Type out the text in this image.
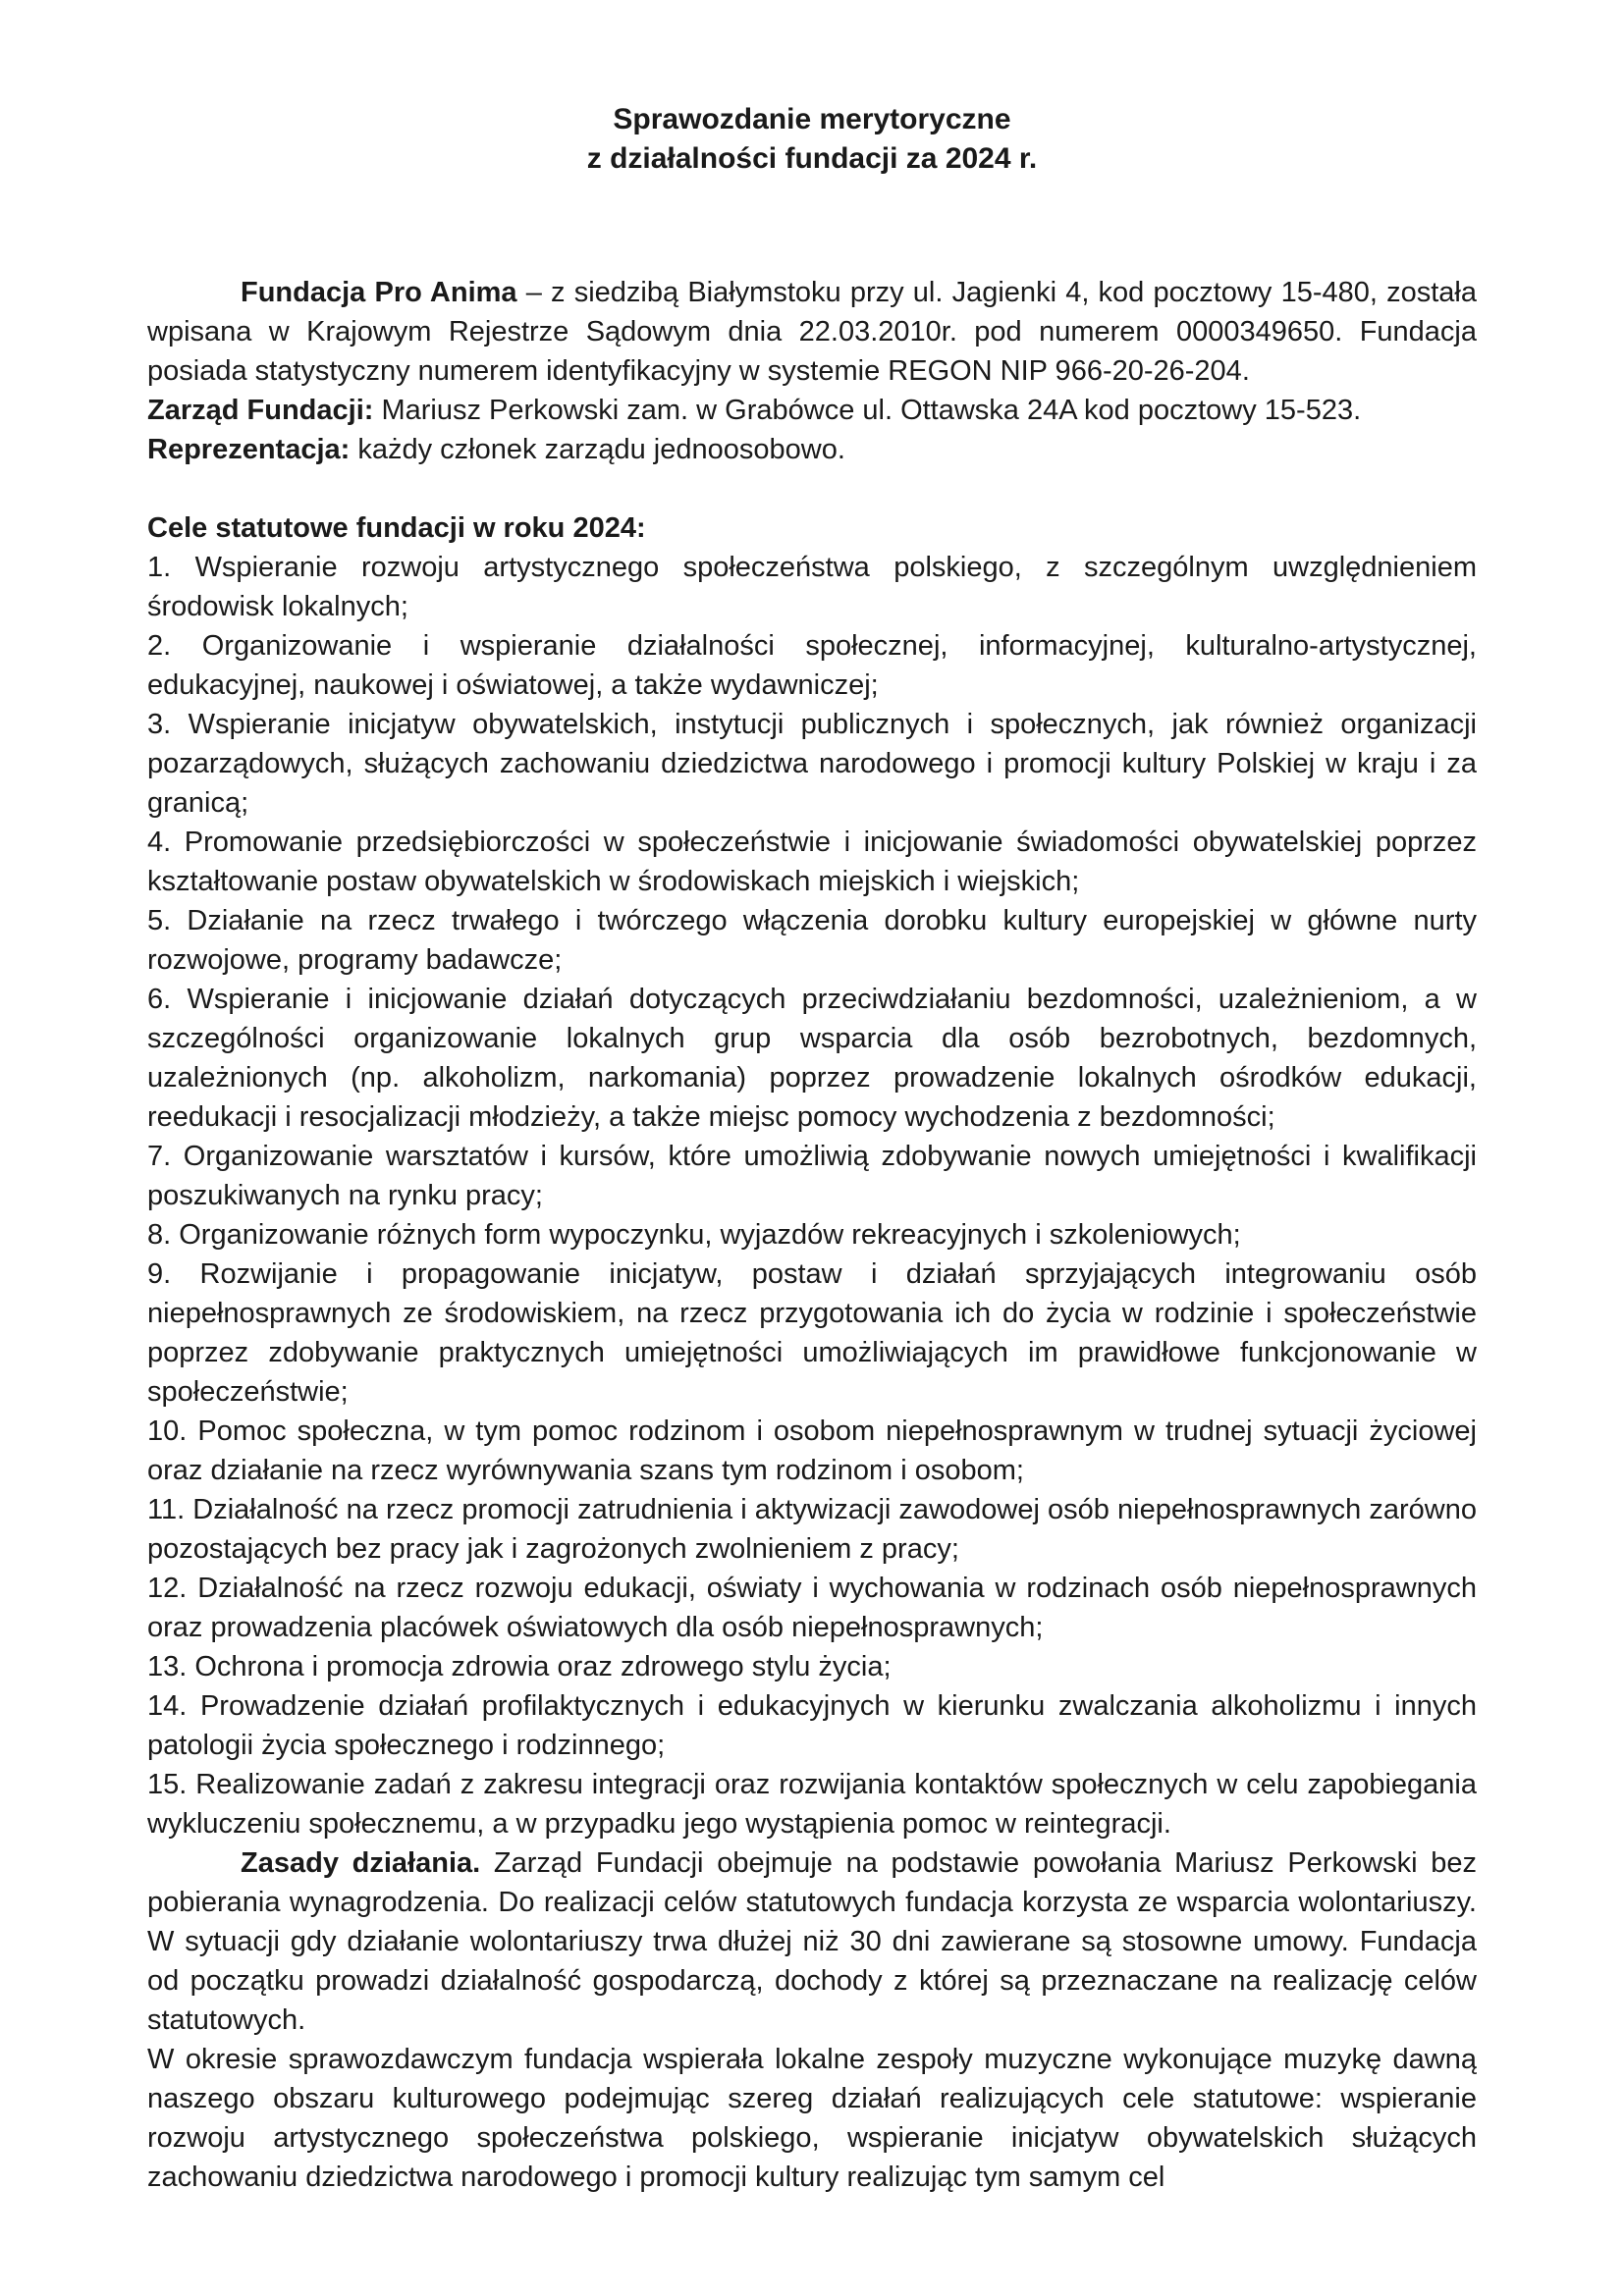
Sprawozdanie merytoryczne
z działalności fundacji za 2024 r.

Fundacja Pro Anima – z siedzibą Białymstoku przy ul. Jagienki 4, kod pocztowy 15-480, została wpisana w Krajowym Rejestrze Sądowym dnia 22.03.2010r. pod numerem 0000349650. Fundacja posiada statystyczny numerem identyfikacyjny w systemie REGON NIP 966-20-26-204.

Zarząd Fundacji: Mariusz Perkowski zam. w Grabówce ul. Ottawska 24A kod pocztowy 15-523.

Reprezentacja: każdy członek zarządu jednoosobowo.

Cele statutowe fundacji w roku 2024:

1. Wspieranie rozwoju artystycznego społeczeństwa polskiego, z szczególnym uwzględnieniem środowisk lokalnych;

2. Organizowanie i wspieranie działalności społecznej, informacyjnej, kulturalno-artystycznej, edukacyjnej, naukowej i oświatowej, a także wydawniczej;

3. Wspieranie inicjatyw obywatelskich, instytucji publicznych i społecznych, jak również organizacji pozarządowych, służących zachowaniu dziedzictwa narodowego i promocji kultury Polskiej w kraju i za granicą;

4. Promowanie przedsiębiorczości w społeczeństwie i inicjowanie świadomości obywatelskiej poprzez kształtowanie postaw obywatelskich w środowiskach miejskich i wiejskich;

5. Działanie na rzecz trwałego i twórczego włączenia dorobku kultury europejskiej w główne nurty rozwojowe, programy badawcze;

6. Wspieranie i inicjowanie działań dotyczących przeciwdziałaniu bezdomności, uzależnieniom, a w szczególności organizowanie lokalnych grup wsparcia dla osób bezrobotnych, bezdomnych, uzależnionych (np. alkoholizm, narkomania) poprzez prowadzenie lokalnych ośrodków edukacji, reedukacji i resocjalizacji młodzieży, a także miejsc pomocy wychodzenia z bezdomności;

7. Organizowanie warsztatów i kursów, które umożliwią zdobywanie nowych umiejętności i kwalifikacji poszukiwanych na rynku pracy;

8. Organizowanie różnych form wypoczynku, wyjazdów rekreacyjnych i szkoleniowych;

9. Rozwijanie i propagowanie inicjatyw, postaw i działań sprzyjających integrowaniu osób niepełnosprawnych ze środowiskiem, na rzecz przygotowania ich do życia w rodzinie i społeczeństwie poprzez zdobywanie praktycznych umiejętności umożliwiających im prawidłowe funkcjonowanie w społeczeństwie;

10. Pomoc społeczna, w tym pomoc rodzinom i osobom niepełnosprawnym w trudnej sytuacji życiowej oraz działanie na rzecz wyrównywania szans tym rodzinom i osobom;

11. Działalność na rzecz promocji zatrudnienia i aktywizacji zawodowej osób niepełnosprawnych zarówno pozostających bez pracy jak i zagrożonych zwolnieniem z pracy;

12. Działalność na rzecz rozwoju edukacji, oświaty i wychowania w rodzinach osób niepełnosprawnych oraz prowadzenia placówek oświatowych dla osób niepełnosprawnych;

13. Ochrona i promocja zdrowia oraz zdrowego stylu życia;

14. Prowadzenie działań profilaktycznych i edukacyjnych w kierunku zwalczania alkoholizmu i innych patologii życia społecznego i rodzinnego;

15. Realizowanie zadań z zakresu integracji oraz rozwijania kontaktów społecznych w celu zapobiegania wykluczeniu społecznemu, a w przypadku jego wystąpienia pomoc w reintegracji.

Zasady działania. Zarząd Fundacji obejmuje na podstawie powołania Mariusz Perkowski bez pobierania wynagrodzenia. Do realizacji celów statutowych fundacja korzysta ze wsparcia wolontariuszy. W sytuacji gdy działanie wolontariuszy trwa dłużej niż 30 dni zawierane są stosowne umowy. Fundacja od początku prowadzi działalność gospodarczą, dochody z której są przeznaczane na realizację celów statutowych.

W okresie sprawozdawczym fundacja wspierała lokalne zespoły muzyczne wykonujące muzykę dawną naszego obszaru kulturowego podejmując szereg działań realizujących cele statutowe: wspieranie rozwoju artystycznego społeczeństwa polskiego, wspieranie inicjatyw obywatelskich służących zachowaniu dziedzictwa narodowego i promocji kultury realizując tym samym cel
